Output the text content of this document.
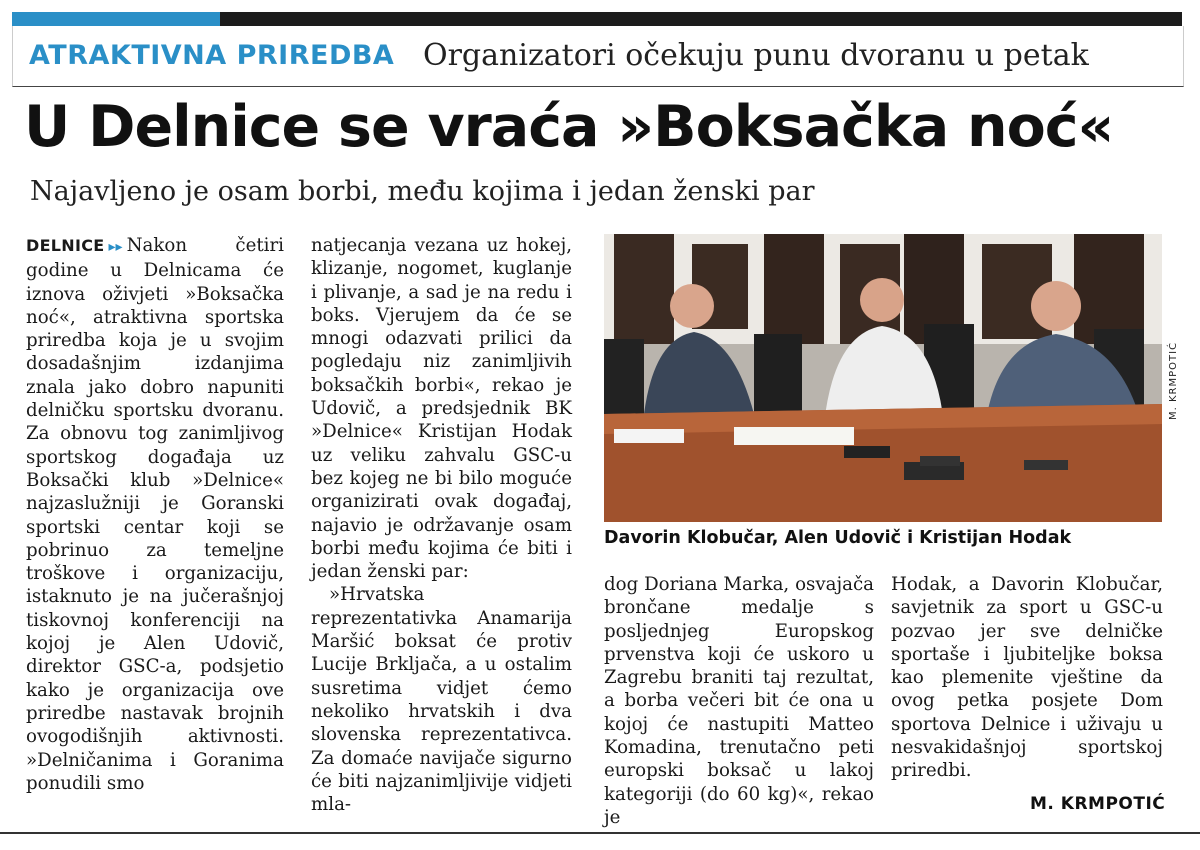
ATRAKTIVNA PRIREDBA Organizatori očekuju punu dvoranu u petak
U Delnice se vraća »Boksačka noć«
Najavljeno je osam borbi, među kojima i jedan ženski par

DELNICE ▸▸ Nakon četiri godine u Delnicama će iznova oživjeti »Boksačka noć«, atraktivna sportska priredba koja je u svojim dosadašnjim izdanjima znala jako dobro napuniti delničku sportsku dvoranu. Za obnovu tog zanimljivog sportskog događaja uz Boksački klub »Delnice« najzaslužniji je Goranski sportski centar koji se pobrinuo za temeljne troškove i organizaciju, istaknuto je na jučerašnjoj tiskovnoj konferenciji na kojoj je Alen Udovič, direktor GSC-a, podsjetio kako je organizacija ove priredbe nastavak brojnih ovogodišnjih aktivnosti. »Delničanima i Goranima ponudili smo

natjecanja vezana uz hokej, klizanje, nogomet, kuglanje i plivanje, a sad je na redu i boks. Vjerujem da će se mnogi odazvati prilici da pogledaju niz zanimljivih boksačkih borbi«, rekao je Udovič, a predsjednik BK »Delnice« Kristijan Hodak uz veliku zahvalu GSC-u bez kojeg ne bi bilo moguće organizirati ovak događaj, najavio je održavanje osam borbi među kojima će biti i jedan ženski par:

»Hrvatska reprezentativka Anamarija Maršić boksat će protiv Lucije Brkljača, a u ostalim susretima vidjet ćemo nekoliko hrvatskih i dva slovenska reprezentativca. Za domaće navijače sigurno će biti najzanimljivije vidjeti mla-

M. KRMPOTIĆ
Davorin Klobučar, Alen Udovič i Kristijan Hodak

dog Doriana Marka, osvajača brončane medalje s posljednjeg Europskog prvenstva koji će uskoro u Zagrebu braniti taj rezultat, a borba večeri bit će ona u kojoj će nastupiti Matteo Komadina, trenutačno peti europski boksač u lakoj kategoriji (do 60 kg)«, rekao je

Hodak, a Davorin Klobučar, savjetnik za sport u GSC-u pozvao jer sve delničke sportaše i ljubiteljke boksa kao plemenite vještine da ovog petka posjete Dom sportova Delnice i uživaju u nesvakidašnjoj sportskoj priredbi.

M. KRMPOTIĆ
